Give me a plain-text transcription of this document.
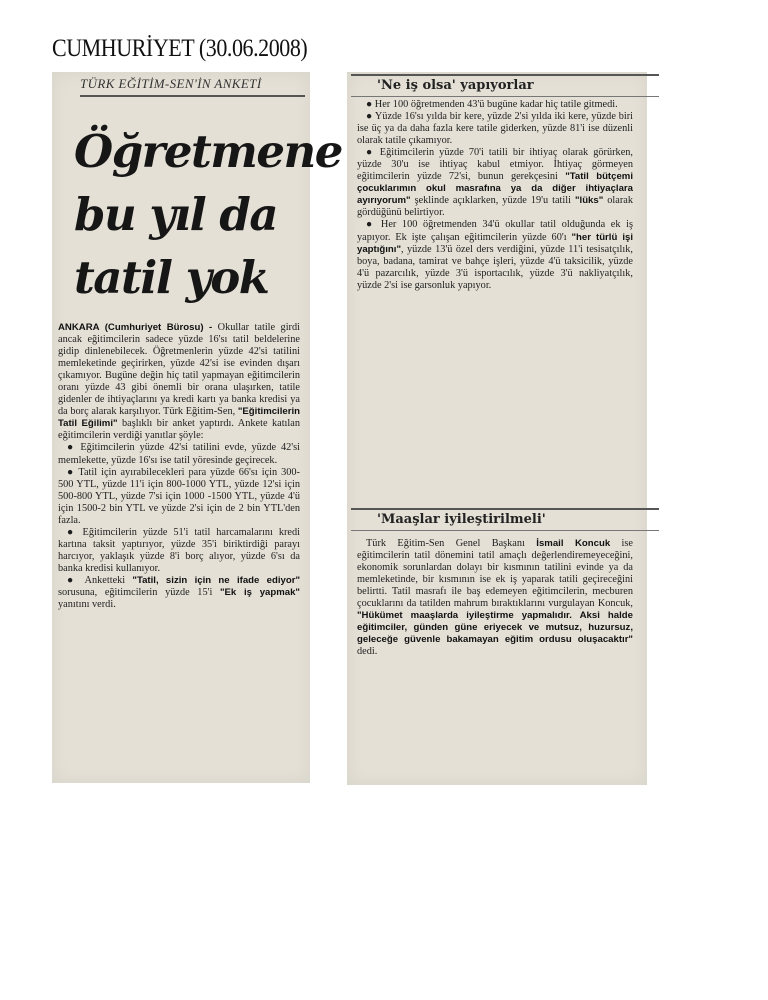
CUMHURİYET (30.06.2008)
TÜRK EĞİTİM-SEN'İN ANKETİ
Öğretmene
bu yıl da
tatil yok

ANKARA (Cumhuriyet Bürosu) - Okullar tatile girdi ancak eğitimcilerin sadece yüzde 16'sı tatil beldelerine gidip dinlenebilecek. Öğretmenlerin yüzde 42'si tatilini memleketinde geçirirken, yüzde 42'si ise evinden dışarı çıkamıyor. Bugüne değin hiç tatil yapmayan eğitimcilerin oranı yüzde 43 gibi önemli bir orana ulaşırken, tatile gidenler de ihtiyaçlarını ya kredi kartı ya banka kredisi ya da borç alarak karşılıyor. Türk Eğitim-Sen, "Eğitimcilerin Tatil Eğilimi" başlıklı bir anket yaptırdı. Ankete katılan eğitimcilerin verdiği yanıtlar şöyle:

● Eğitimcilerin yüzde 42'si tatilini evde, yüzde 42'si memlekette, yüzde 16'sı ise tatil yöresinde geçirecek.

● Tatil için ayırabilecekleri para yüzde 66'sı için 300-500 YTL, yüzde 11'i için 800-1000 YTL, yüzde 12'si için 500-800 YTL, yüzde 7'si için 1000 -1500 YTL, yüzde 4'ü için 1500-2 bin YTL ve yüzde 2'si için de 2 bin YTL'den fazla.

● Eğitimcilerin yüzde 51'i tatil harcamalarını kredi kartına taksit yaptırıyor, yüzde 35'i biriktirdiği parayı harcıyor, yaklaşık yüzde 8'i borç alıyor, yüzde 6'sı da banka kredisi kullanıyor.

● Anketteki "Tatil, sizin için ne ifade ediyor" sorusuna, eğitimcilerin yüzde 15'i "Ek iş yapmak" yanıtını verdi.

'Ne iş olsa' yapıyorlar

● Her 100 öğretmenden 43'ü bugüne kadar hiç tatile gitmedi.

● Yüzde 16'sı yılda bir kere, yüzde 2'si yılda iki kere, yüzde biri ise üç ya da daha fazla kere tatile giderken, yüzde 81'i ise düzenli olarak tatile çıkamıyor.

● Eğitimcilerin yüzde 70'i tatili bir ihtiyaç olarak görürken, yüzde 30'u ise ihtiyaç kabul etmiyor. İhtiyaç görmeyen eğitimcilerin yüzde 72'si, bunun gerekçesini "Tatil bütçemi çocuklarımın okul masrafına ya da diğer ihtiyaçlara ayırıyorum" şeklinde açıklarken, yüzde 19'u tatili "lüks" olarak gördüğünü belirtiyor.

● Her 100 öğretmenden 34'ü okullar tatil olduğunda ek iş yapıyor. Ek işte çalışan eğitimcilerin yüzde 60'ı "her türlü işi yaptığını", yüzde 13'ü özel ders verdiğini, yüzde 11'i tesisatçılık, boya, badana, tamirat ve bahçe işleri, yüzde 4'ü taksicilik, yüzde 4'ü pazarcılık, yüzde 3'ü isportacılık, yüzde 3'ü nakliyatçılık, yüzde 2'si ise garsonluk yapıyor.

'Maaşlar iyileştirilmeli'

Türk Eğitim-Sen Genel Başkanı İsmail Koncuk ise eğitimcilerin tatil dönemini tatil amaçlı değerlendiremeyeceğini, ekonomik sorunlardan dolayı bir kısmının tatilini evinde ya da memleketinde, bir kısmının ise ek iş yaparak tatili geçireceğini belirtti. Tatil masrafı ile baş edemeyen eğitimcilerin, mecburen çocuklarını da tatilden mahrum bıraktıklarını vurgulayan Koncuk, "Hükümet maaşlarda iyileştirme yapmalıdır. Aksi halde eğitimciler, günden güne eriyecek ve mutsuz, huzursuz, geleceğe güvenle bakamayan eğitim ordusu oluşacaktır" dedi.
